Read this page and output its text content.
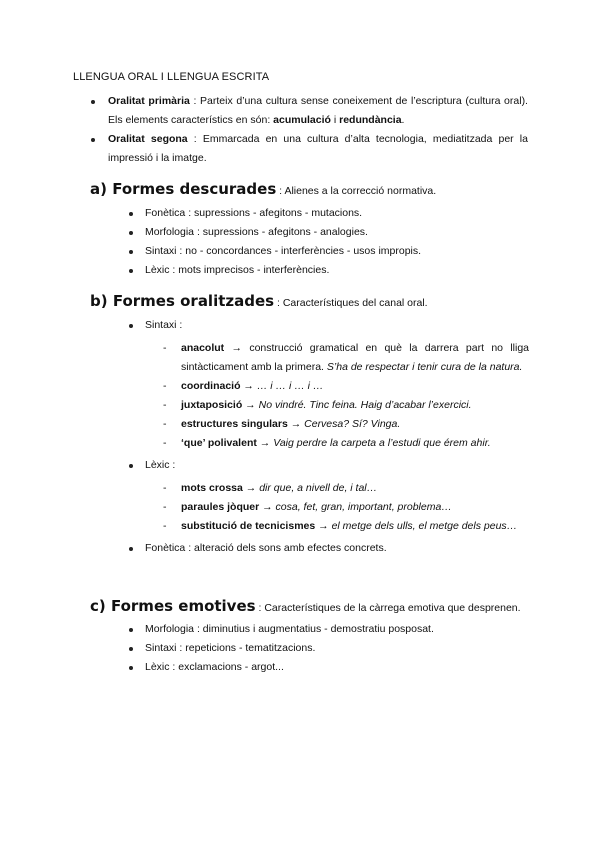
LLENGUA ORAL I LLENGUA ESCRITA
Oralitat primària : Parteix d’una cultura sense coneixement de l’escriptura (cultura oral). Els elements característics en són: acumulació i redundància.
Oralitat segona : Emmarcada en una cultura d’alta tecnologia, mediatitzada per la impressió i la imatge.
a) Formes descurades : Alienes a la correcció normativa.
Fonètica : supressions - afegitons - mutacions.
Morfologia : supressions - afegitons - analogies.
Sintaxi : no - concordances - interferències - usos impropis.
Lèxic : mots imprecisos - interferències.
b) Formes oralitzades : Característiques del canal oral.
Sintaxi :
- anacolut → construcció gramatical en què la darrera part no lliga sintàcticament amb la primera. S’ha de respectar i tenir cura de la natura.
- coordinació → … i … i … i …
- juxtaposició → No vindré. Tinc feina. Haig d’acabar l’exercici.
- estructures singulars → Cervesa? Sí? Vinga.
- ‘que’ polivalent → Vaig perdre la carpeta a l’estudi que érem ahir.
Lèxic :
- mots crossa → dir que, a nivell de, i tal…
- paraules jòquer → cosa, fet, gran, important, problema…
- substitució de tecnicismes → el metge dels ulls, el metge dels peus…
Fonètica : alteració dels sons amb efectes concrets.
c) Formes emotives : Característiques de la càrrega emotiva que desprenen.
Morfologia : diminutius i augmentatius - demostratiu posposat.
Sintaxi : repeticions - tematitzacions.
Lèxic : exclamacions - argot...
